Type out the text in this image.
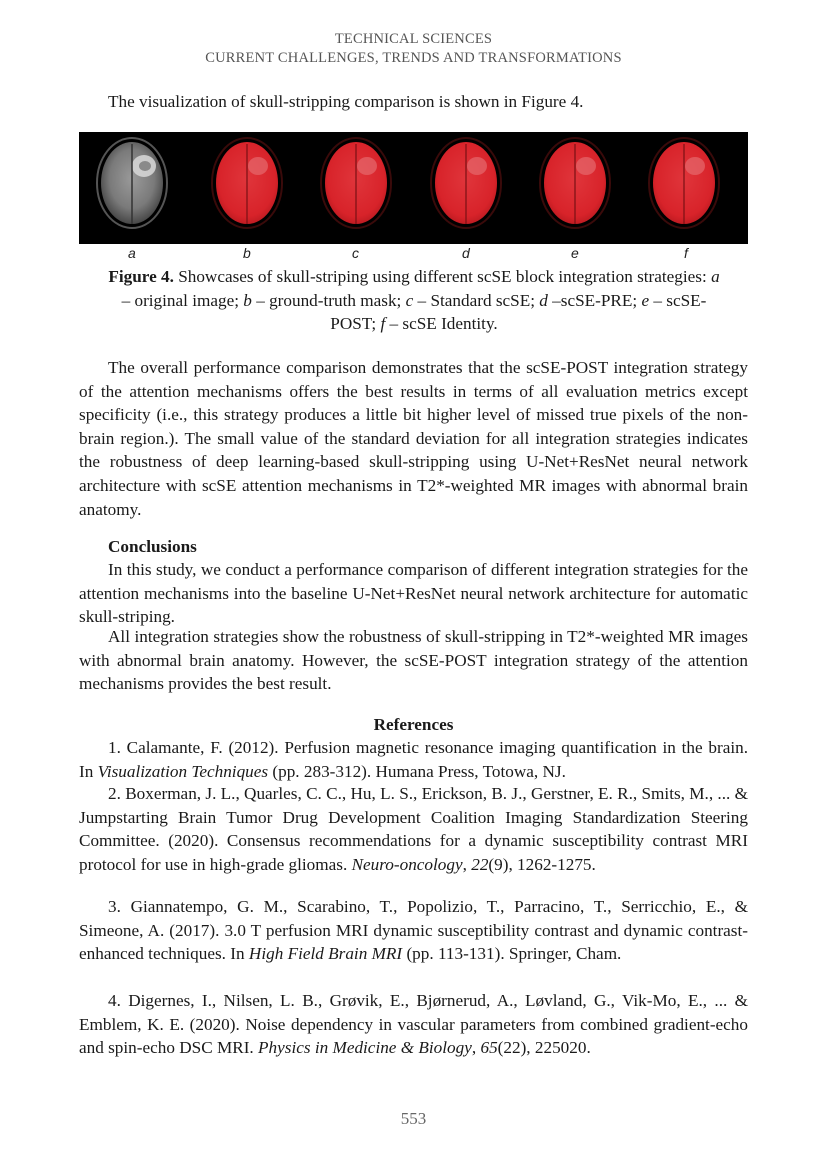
TECHNICAL SCIENCES
CURRENT CHALLENGES, TRENDS AND TRANSFORMATIONS
The visualization of skull-stripping comparison is shown in Figure 4.
a	b	c	d	e	f
Figure 4. Showcases of skull-striping using different scSE block integration strategies: a – original image; b – ground-truth mask; c – Standard scSE; d –scSE-PRE; e – scSE-POST; f – scSE Identity.

The overall performance comparison demonstrates that the scSE-POST integration strategy of the attention mechanisms offers the best results in terms of all evaluation metrics except specificity (i.e., this strategy produces a little bit higher level of missed true pixels of the non-brain region.). The small value of the standard deviation for all integration strategies indicates the robustness of deep learning-based skull-stripping using U-Net+ResNet neural network architecture with scSE attention mechanisms in T2*-weighted MR images with abnormal brain anatomy.

Conclusions

In this study, we conduct a performance comparison of different integration strategies for the attention mechanisms into the baseline U-Net+ResNet neural network architecture for automatic skull-striping.

All integration strategies show the robustness of skull-stripping in T2*-weighted MR images with abnormal brain anatomy. However, the scSE-POST integration strategy of the attention mechanisms provides the best result.

References

1. Calamante, F. (2012). Perfusion magnetic resonance imaging quantification in the brain. In Visualization Techniques (pp. 283-312). Humana Press, Totowa, NJ.

2. Boxerman, J. L., Quarles, C. C., Hu, L. S., Erickson, B. J., Gerstner, E. R., Smits, M., ... & Jumpstarting Brain Tumor Drug Development Coalition Imaging Standardization Steering Committee. (2020). Consensus recommendations for a dynamic susceptibility contrast MRI protocol for use in high-grade gliomas. Neuro-oncology, 22(9), 1262-1275.

3. Giannatempo, G. M., Scarabino, T., Popolizio, T., Parracino, T., Serricchio, E., & Simeone, A. (2017). 3.0 T perfusion MRI dynamic susceptibility contrast and dynamic contrast-enhanced techniques. In High Field Brain MRI (pp. 113-131). Springer, Cham.

4. Digernes, I., Nilsen, L. B., Grøvik, E., Bjørnerud, A., Løvland, G., Vik-Mo, E., ... & Emblem, K. E. (2020). Noise dependency in vascular parameters from combined gradient-echo and spin-echo DSC MRI. Physics in Medicine & Biology, 65(22), 225020.

553
